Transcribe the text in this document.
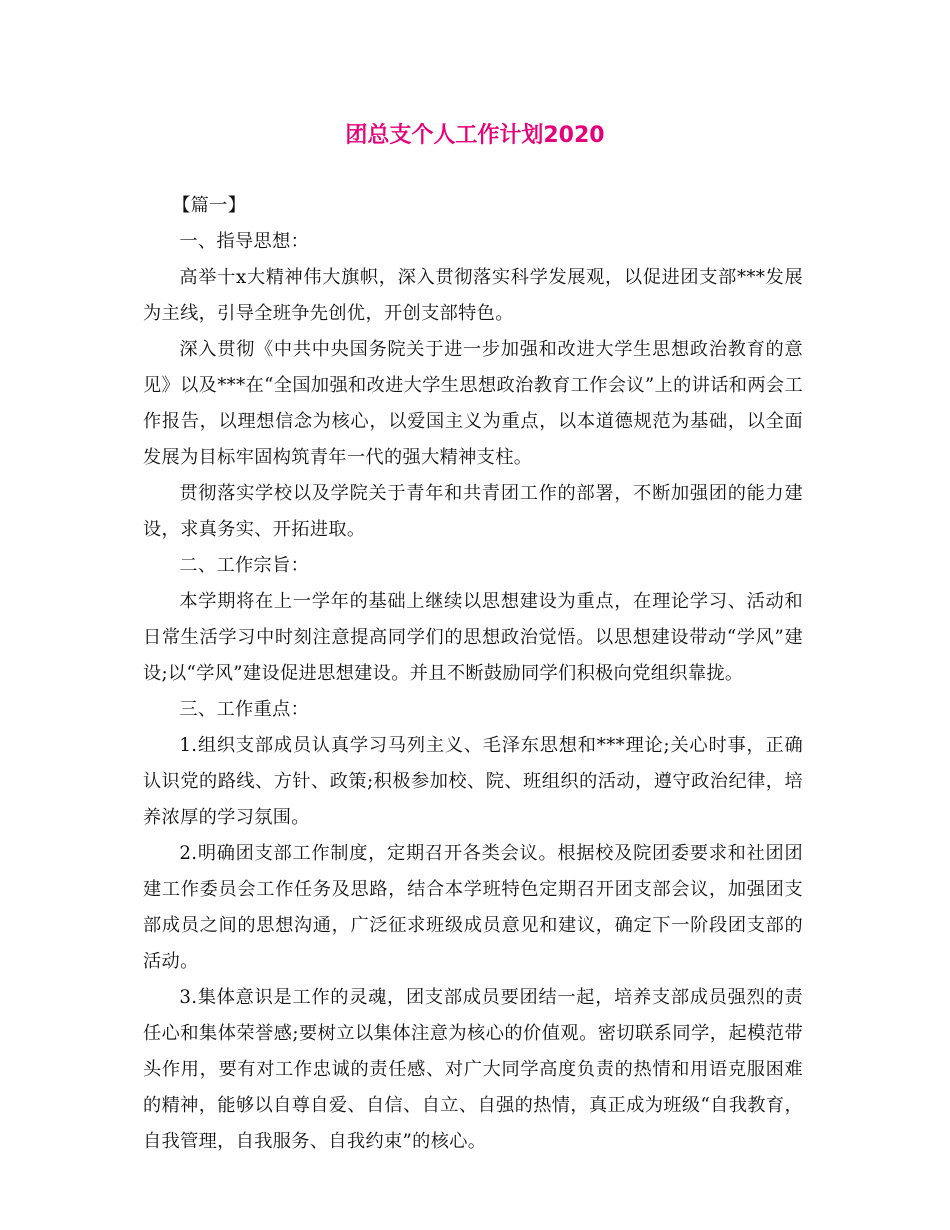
团总支个人工作计划2020

【篇一】

一、指导思想：

高举十x大精神伟大旗帜，深入贯彻落实科学发展观，以促进团支部***发展为主线，引导全班争先创优，开创支部特色。

深入贯彻《中共中央国务院关于进一步加强和改进大学生思想政治教育的意见》以及***在“全国加强和改进大学生思想政治教育工作会议”上的讲话和两会工作报告，以理想信念为核心，以爱国主义为重点，以本道德规范为基础，以全面发展为目标牢固构筑青年一代的强大精神支柱。

贯彻落实学校以及学院关于青年和共青团工作的部署，不断加强团的能力建设，求真务实、开拓进取。

二、工作宗旨：

本学期将在上一学年的基础上继续以思想建设为重点，在理论学习、活动和日常生活学习中时刻注意提高同学们的思想政治觉悟。以思想建设带动“学风”建设;以“学风”建设促进思想建设。并且不断鼓励同学们积极向党组织靠拢。

三、工作重点：

1.组织支部成员认真学习马列主义、毛泽东思想和***理论;关心时事，正确认识党的路线、方针、政策;积极参加校、院、班组织的活动，遵守政治纪律，培养浓厚的学习氛围。

2.明确团支部工作制度，定期召开各类会议。根据校及院团委要求和社团团建工作委员会工作任务及思路，结合本学班特色定期召开团支部会议，加强团支部成员之间的思想沟通，广泛征求班级成员意见和建议，确定下一阶段团支部的活动。

3.集体意识是工作的灵魂，团支部成员要团结一起，培养支部成员强烈的责任心和集体荣誉感;要树立以集体注意为核心的价值观。密切联系同学，起模范带头作用，要有对工作忠诚的责任感、对广大同学高度负责的热情和用语克服困难的精神，能够以自尊自爱、自信、自立、自强的热情，真正成为班级“自我教育，自我管理，自我服务、自我约束”的核心。
